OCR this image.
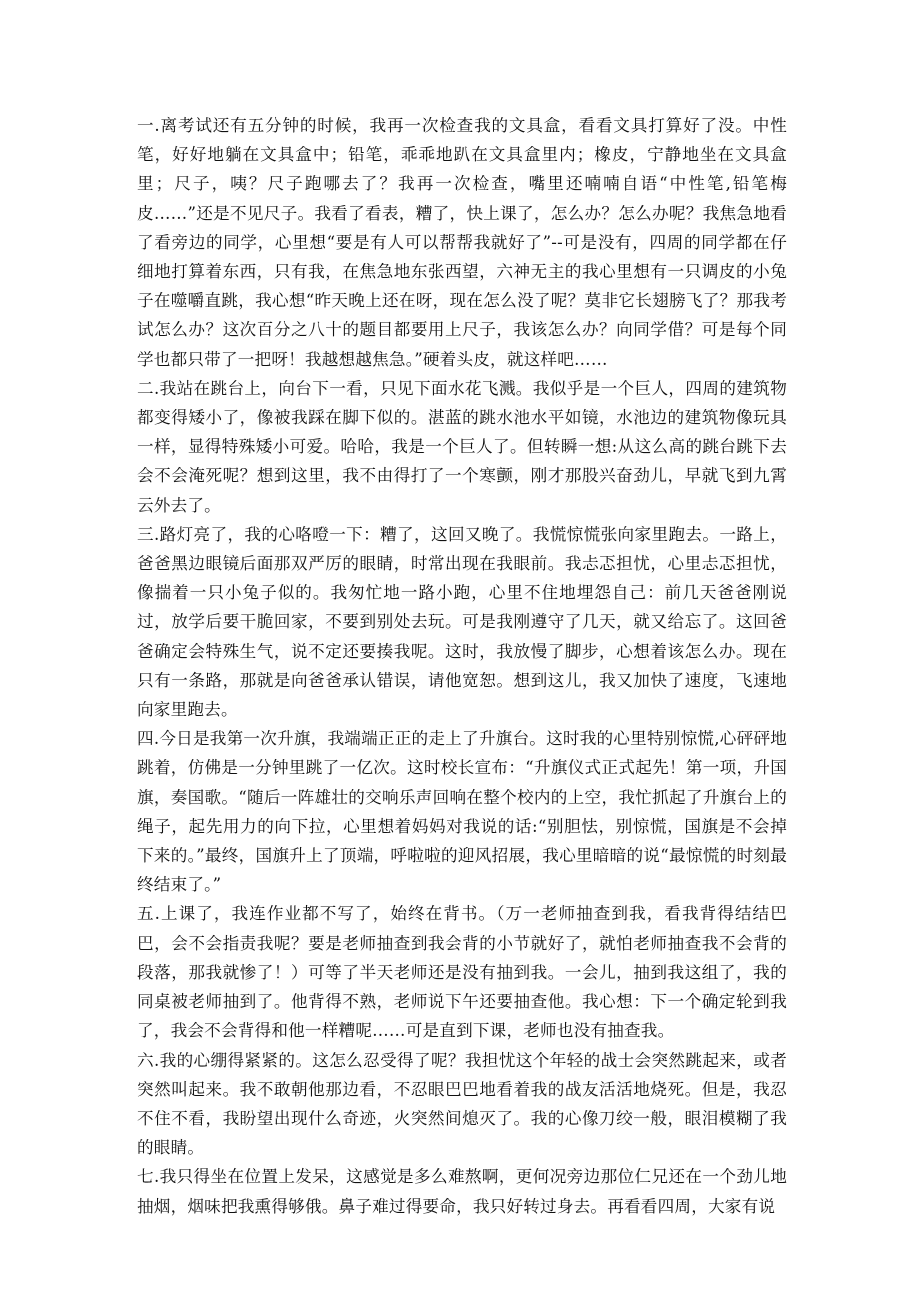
一.离考试还有五分钟的时候，我再一次检查我的文具盒，看看文具打算好了没。中性笔，好好地躺在文具盒中；铅笔，乖乖地趴在文具盒里内；橡皮，宁静地坐在文具盒里；尺子，咦？尺子跑哪去了？我再一次检查，嘴里还喃喃自语“中性笔,铅笔梅皮……”还是不见尺子。我看了看表，糟了，快上课了，怎么办？怎么办呢？我焦急地看了看旁边的同学，心里想“要是有人可以帮帮我就好了”--可是没有，四周的同学都在仔细地打算着东西，只有我，在焦急地东张西望，六神无主的我心里想有一只调皮的小兔子在噬嚼直跳，我心想“昨天晚上还在呀，现在怎么没了呢？莫非它长翅膀飞了？那我考试怎么办？这次百分之八十的题目都要用上尺子，我该怎么办？向同学借？可是每个同学也都只带了一把呀！我越想越焦急。”硬着头皮，就这样吧……

二.我站在跳台上，向台下一看，只见下面水花飞溅。我似乎是一个巨人，四周的建筑物都变得矮小了，像被我踩在脚下似的。湛蓝的跳水池水平如镜，水池边的建筑物像玩具一样，显得特殊矮小可爱。哈哈，我是一个巨人了。但转瞬一想:从这么高的跳台跳下去会不会淹死呢？想到这里，我不由得打了一个寒颤，刚才那股兴奋劲儿，早就飞到九霄云外去了。

三.路灯亮了，我的心咯噔一下：糟了，这回又晚了。我慌惊慌张向家里跑去。一路上，爸爸黑边眼镜后面那双严厉的眼睛，时常出现在我眼前。我忐忑担忧，心里忐忑担忧，像揣着一只小兔子似的。我匆忙地一路小跑，心里不住地埋怨自己：前几天爸爸刚说过，放学后要干脆回家，不要到别处去玩。可是我刚遵守了几天，就又给忘了。这回爸爸确定会特殊生气，说不定还要揍我呢。这时，我放慢了脚步，心想着该怎么办。现在只有一条路，那就是向爸爸承认错误，请他宽恕。想到这儿，我又加快了速度，飞速地向家里跑去。

四.今日是我第一次升旗，我端端正正的走上了升旗台。这时我的心里特别惊慌,心砰砰地跳着，仿佛是一分钟里跳了一亿次。这时校长宣布：“升旗仪式正式起先！第一项，升国旗，奏国歌。“随后一阵雄壮的交响乐声回响在整个校内的上空，我忙抓起了升旗台上的绳子，起先用力的向下拉，心里想着妈妈对我说的话:“别胆怯，别惊慌，国旗是不会掉下来的。”最终，国旗升上了顶端，呼啦啦的迎风招展，我心里暗暗的说“最惊慌的时刻最终结束了。”

五.上课了，我连作业都不写了，始终在背书。（万一老师抽查到我，看我背得结结巴巴，会不会指责我呢？要是老师抽查到我会背的小节就好了，就怕老师抽查我不会背的段落，那我就惨了！）可等了半天老师还是没有抽到我。一会儿，抽到我这组了，我的同桌被老师抽到了。他背得不熟，老师说下午还要抽查他。我心想：下一个确定轮到我了，我会不会背得和他一样糟呢……可是直到下课，老师也没有抽查我。

六.我的心绷得紧紧的。这怎么忍受得了呢？我担忧这个年轻的战士会突然跳起来，或者突然叫起来。我不敢朝他那边看，不忍眼巴巴地看着我的战友活活地烧死。但是，我忍不住不看，我盼望出现什么奇迹，火突然间熄灭了。我的心像刀绞一般，眼泪模糊了我的眼睛。

七.我只得坐在位置上发呆，这感觉是多么难熬啊，更何况旁边那位仁兄还在一个劲儿地抽烟，烟味把我熏得够俄。鼻子难过得要命，我只好转过身去。再看看四周，大家有说
